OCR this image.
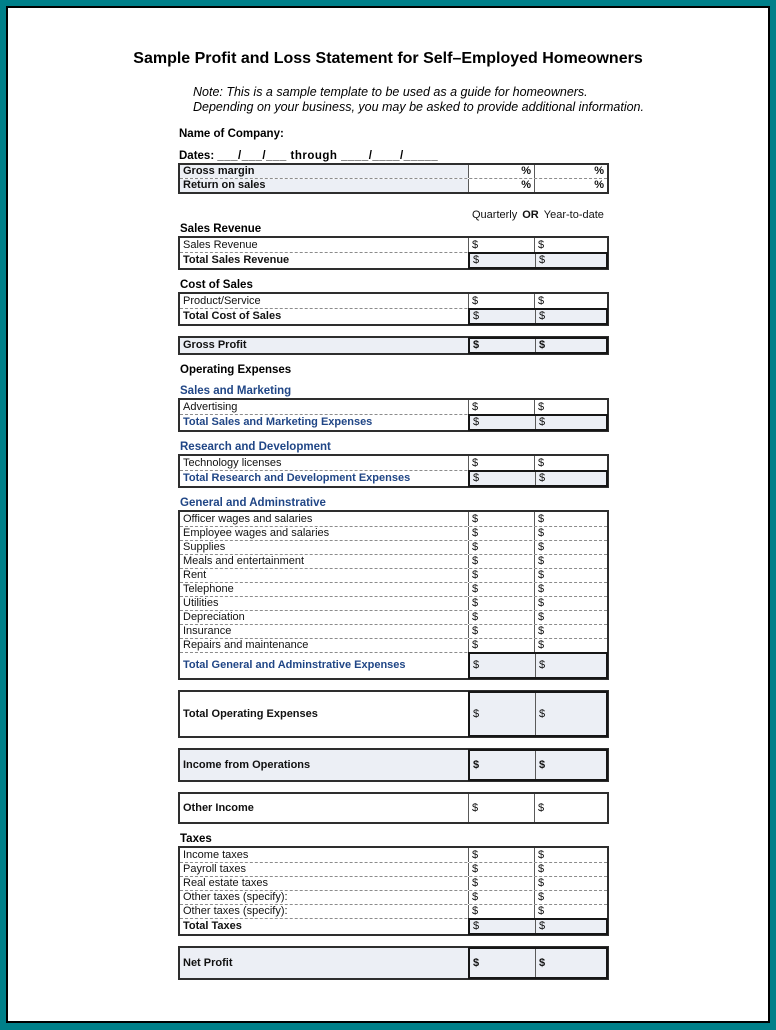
Sample Profit and Loss Statement for Self–Employed Homeowners
Note: This is a sample template to be used as a guide for homeowners.
Depending on your business, you may be asked to provide additional information.
Name of Company:
Dates: ___/___/___ through ____/____/_____
Gross margin	%	%
Return on sales	%	%
Quarterly OR Year-to-date
Sales Revenue
Sales Revenue	$	$
Total Sales Revenue	$	$
Cost of Sales
Product/Service	$	$
Total Cost of Sales	$	$
Gross Profit	$	$
Operating Expenses
Sales and Marketing
Advertising	$	$
Total Sales and Marketing Expenses	$	$
Research and Development
Technology licenses	$	$
Total Research and Development Expenses	$	$
General and Adminstrative
Officer wages and salaries	$	$
Employee wages and salaries	$	$
Supplies	$	$
Meals and entertainment	$	$
Rent	$	$
Telephone	$	$
Utilities	$	$
Depreciation	$	$
Insurance	$	$
Repairs and maintenance	$	$
Total General and Adminstrative Expenses	$	$
Total Operating Expenses	$	$
Income from Operations	$	$
Other Income	$	$
Taxes
Income taxes	$	$
Payroll taxes	$	$
Real estate taxes	$	$
Other taxes (specify):	$	$
Other taxes (specify):	$	$
Total Taxes	$	$
Net Profit	$	$
